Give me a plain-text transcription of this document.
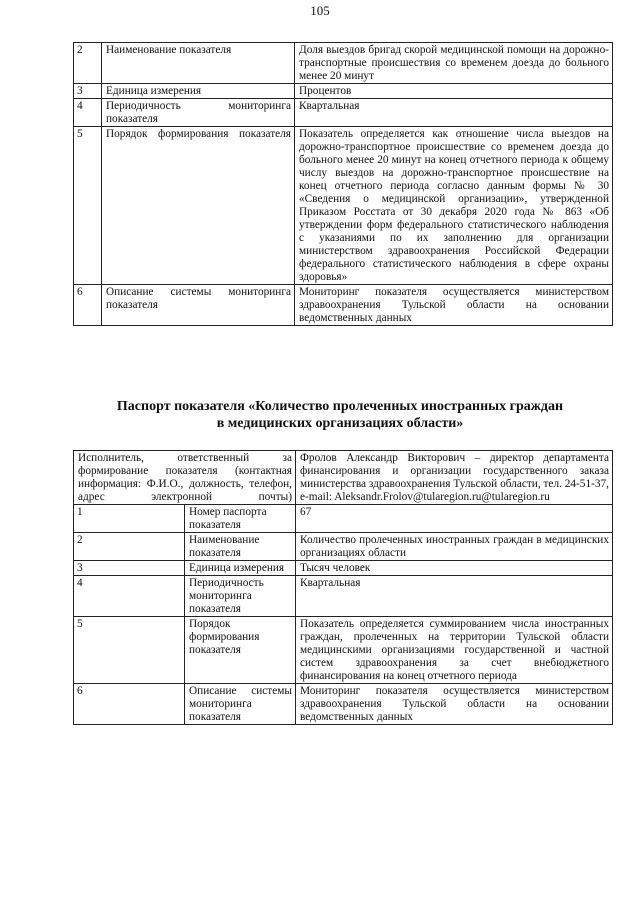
105
2	Наименование показателя	Доля выездов бригад скорой медицинской помощи на дорожно-транспортные происшествия со временем доезда до больного менее 20 минут
3	Единица измерения	Процентов
4	Периодичность мониторинга показателя	Квартальная
5	Порядок формирования показателя	Показатель определяется как отношение числа выездов на дорожно-транспортное происшествие со временем доезда до больного менее 20 минут на конец отчетного периода к общему числу выездов на дорожно-транспортное происшествие на конец отчетного периода согласно данным формы № 30 «Сведения о медицинской организации», утвержденной Приказом Росстата от 30 декабря 2020 года № 863 «Об утверждении форм федерального статистического наблюдения с указаниями по их заполнению для организации министерством здравоохранения Российской Федерации федерального статистического наблюдения в сфере охраны здоровья»
6	Описание системы мониторинга показателя	Мониторинг показателя осуществляется министерством здравоохранения Тульской области на основании ведомственных данных
Паспорт показателя «Количество пролеченных иностранных граждан
в медицинских организациях области»
Исполнитель, ответственный за формирование показателя (контактная информация: Ф.И.О., должность, телефон, адрес электронной почты)		Фролов Александр Викторович – директор департамента финансирования и организации государственного заказа министерства здравоохранения Тульской области, тел. 24-51-37, e-mail: Aleksandr.Frolov@tularegion.ru@tularegion.ru
1	Номер паспорта показателя	67
2	Наименование показателя	Количество пролеченных иностранных граждан в медицинских организациях области
3	Единица измерения	Тысяч человек
4	Периодичность мониторинга показателя	Квартальная
5	Порядок формирования показателя	Показатель определяется суммированием числа иностранных граждан, пролеченных на территории Тульской области медицинскими организациями государственной и частной систем здравоохранения за счет внебюджетного финансирования на конец отчетного периода
6	Описание системы мониторинга показателя	Мониторинг показателя осуществляется министерством здравоохранения Тульской области на основании ведомственных данных
